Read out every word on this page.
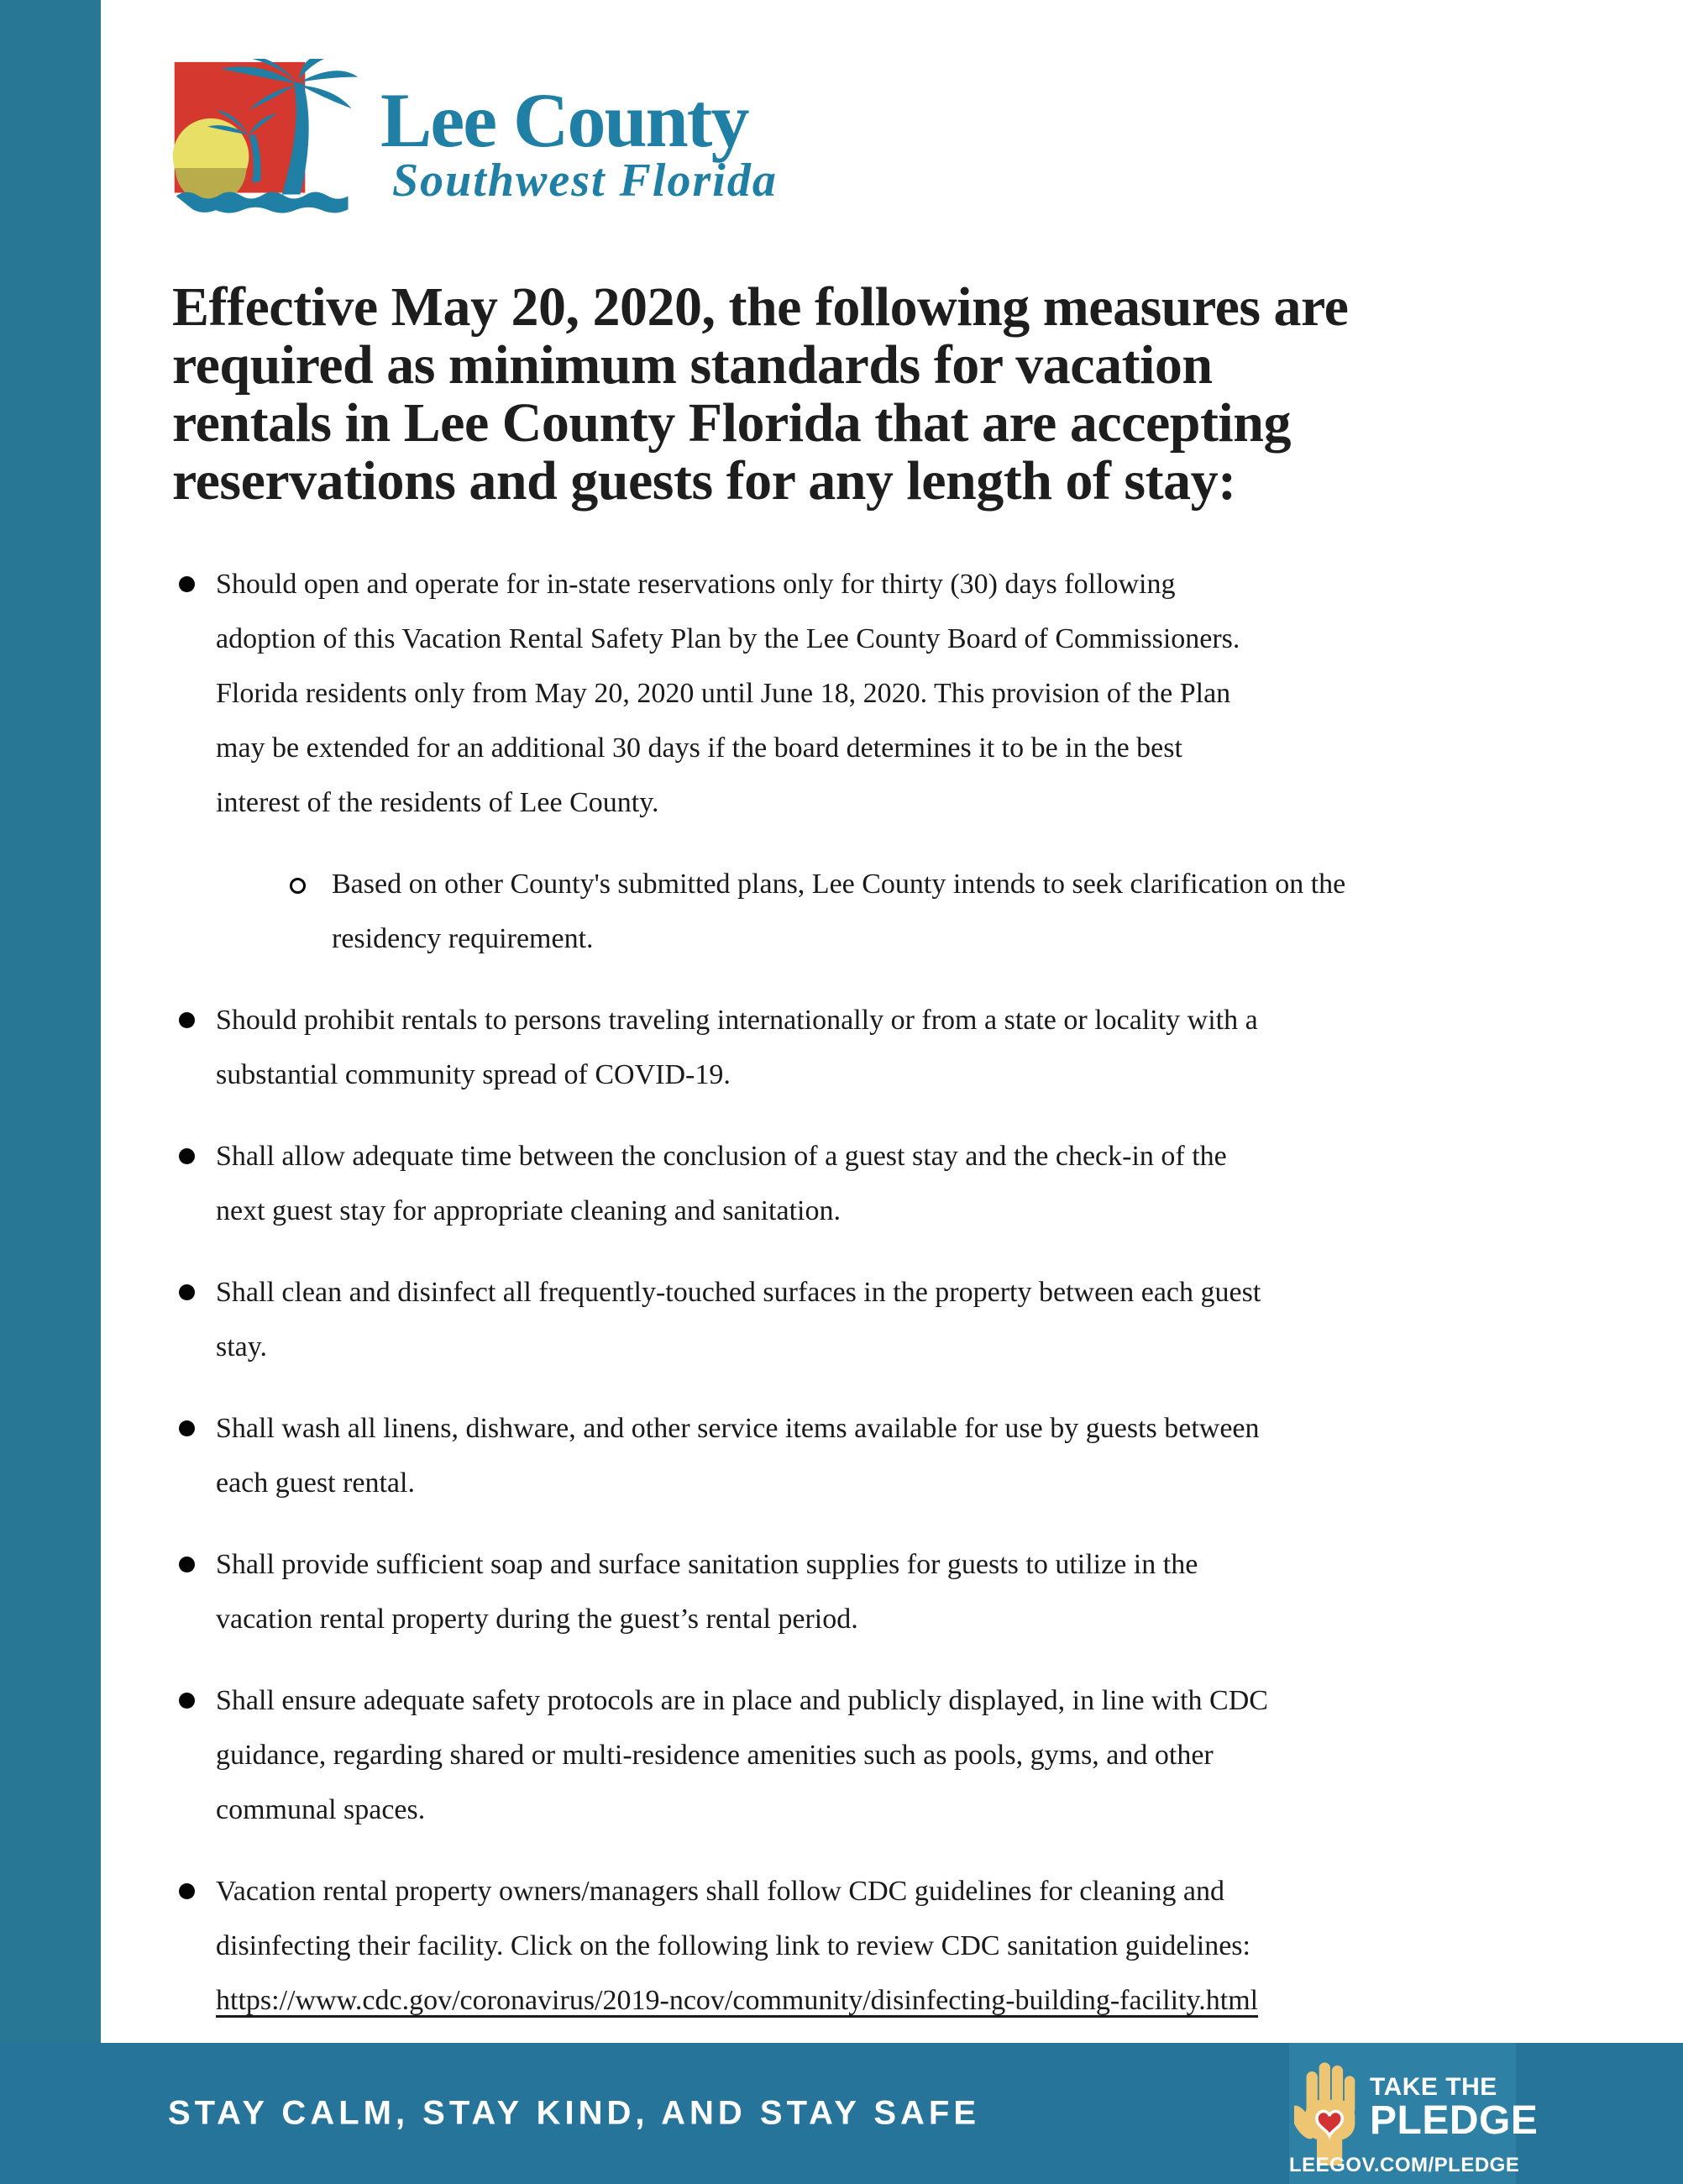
Lee County
Southwest Florida
Effective May 20, 2020, the following measures are
required as minimum standards for vacation
rentals in Lee County Florida that are accepting
reservations and guests for any length of stay:
Should open and operate for in-state reservations only for thirty (30) days following
adoption of this Vacation Rental Safety Plan by the Lee County Board of Commissioners.
Florida residents only from May 20, 2020 until June 18, 2020. This provision of the Plan
may be extended for an additional 30 days if the board determines it to be in the best
interest of the residents of Lee County.
Based on other County's submitted plans, Lee County intends to seek clarification on the
residency requirement.
Should prohibit rentals to persons traveling internationally or from a state or locality with a
substantial community spread of COVID-19.
Shall allow adequate time between the conclusion of a guest stay and the check-in of the
next guest stay for appropriate cleaning and sanitation.
Shall clean and disinfect all frequently-touched surfaces in the property between each guest
stay.
Shall wash all linens, dishware, and other service items available for use by guests between
each guest rental.
Shall provide sufficient soap and surface sanitation supplies for guests to utilize in the
vacation rental property during the guest’s rental period.
Shall ensure adequate safety protocols are in place and publicly displayed, in line with CDC
guidance, regarding shared or multi-residence amenities such as pools, gyms, and other
communal spaces.
Vacation rental property owners/managers shall follow CDC guidelines for cleaning and
disinfecting their facility. Click on the following link to review CDC sanitation guidelines:
https://www.cdc.gov/coronavirus/2019-ncov/community/disinfecting-building-facility.html
STAY CALM, STAY KIND, AND STAY SAFE
TAKE THE
PLEDGE
LEEGOV.COM/PLEDGE
